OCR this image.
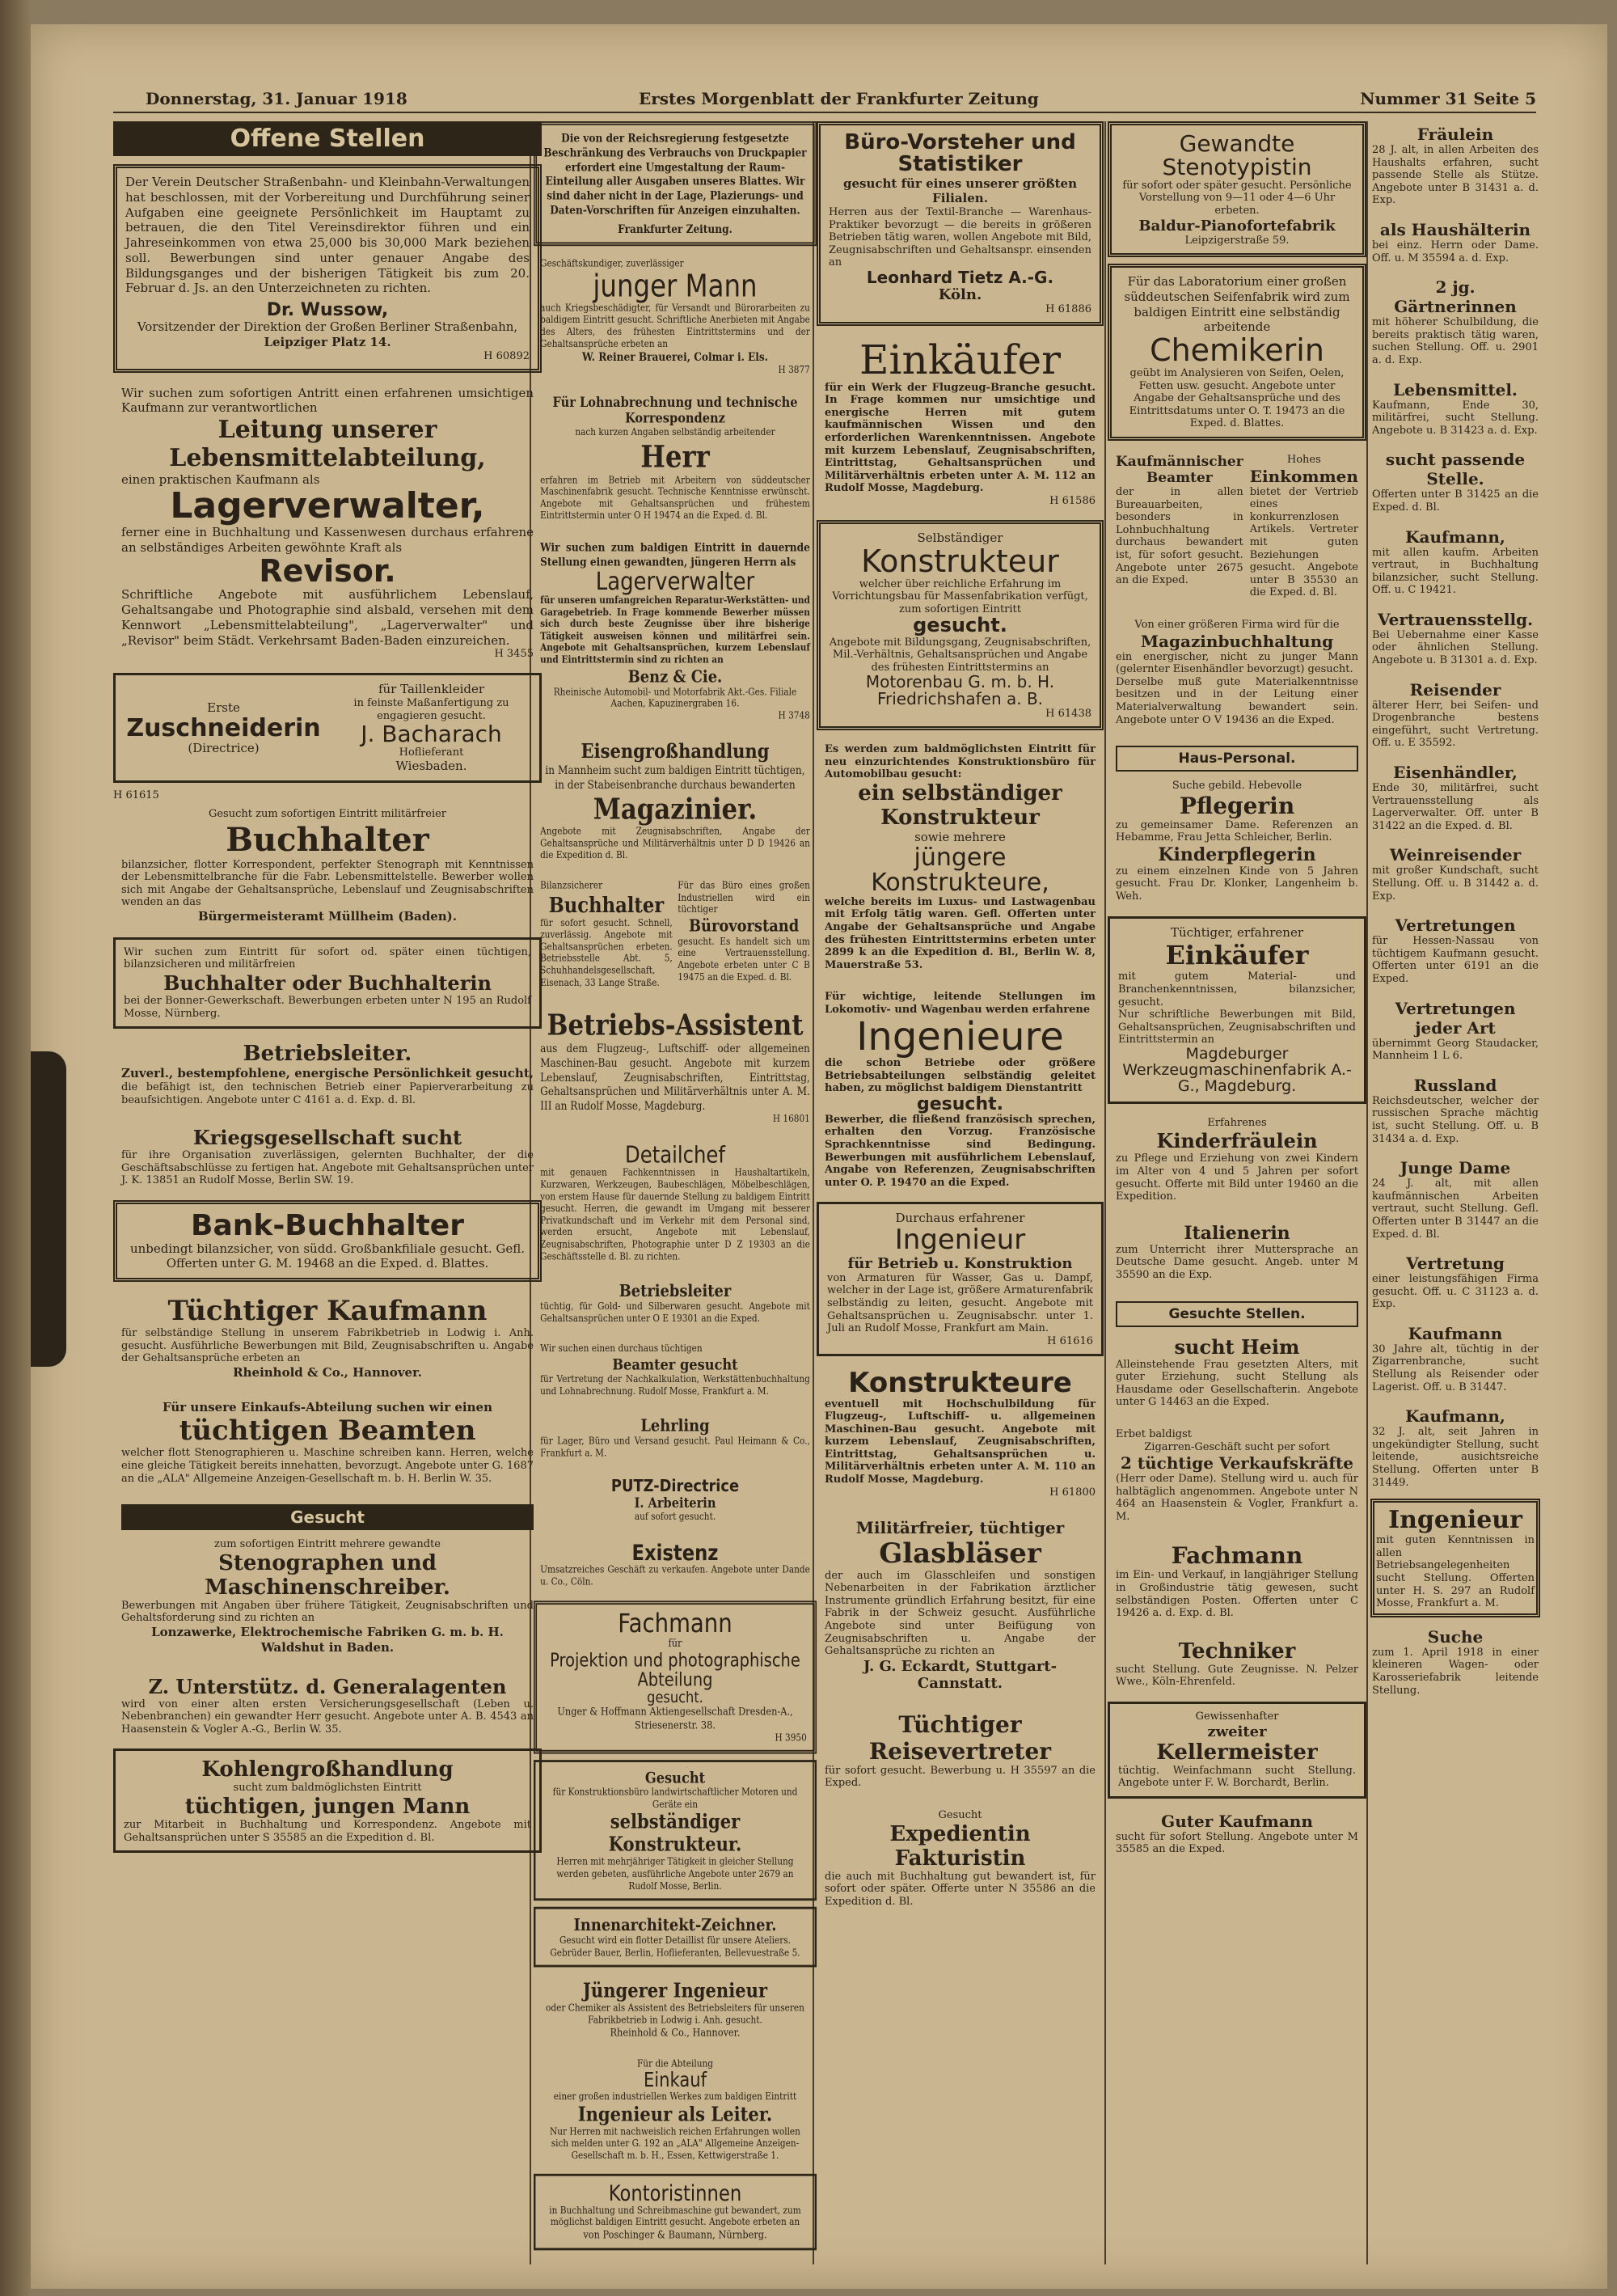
Donnerstag, 31. Januar 1918	Erstes Morgenblatt der Frankfurter Zeitung	Nummer 31 Seite 5
Offene Stellen
Der Verein Deutscher Straßenbahn- und Kleinbahn-Verwaltungen hat beschlossen, mit der Vorbereitung und Durchführung seiner Aufgaben eine geeignete Persönlichkeit im Hauptamt zu betrauen, die den Titel Vereinsdirektor führen und ein Jahreseinkommen von etwa 25,000 bis 30,000 Mark beziehen soll. Bewerbungen sind unter genauer Angabe des Bildungsganges und der bisherigen Tätigkeit bis zum 20. Februar d. Js. an den Unterzeichneten zu richten.
Dr. Wussow,
Vorsitzender der Direktion der Großen Berliner Straßenbahn,
Leipziger Platz 14.
H 60892
Wir suchen zum sofortigen Antritt einen erfahrenen umsichtigen Kaufmann zur verantwortlichen
Leitung unserer Lebensmittelabteilung,
einen praktischen Kaufmann als
Lagerverwalter,
ferner eine in Buchhaltung und Kassenwesen durchaus erfahrene an selbständiges Arbeiten gewöhnte Kraft als
Revisor.
Schriftliche Angebote mit ausführlichem Lebenslauf, Gehaltsangabe und Photographie sind alsbald, versehen mit dem Kennwort „Lebensmittelabteilung", „Lagerverwalter" und „Revisor" beim Städt. Verkehrsamt Baden-Baden einzureichen.
H 3455
Erste
Zuschneiderin
(Directrice)
für Taillenkleider
in feinste Maßanfertigung zu engagieren gesucht.
J. Bacharach
Hoflieferant
Wiesbaden.
H 61615
Gesucht zum sofortigen Eintritt militärfreier
Buchhalter
bilanzsicher, flotter Korrespondent, perfekter Stenograph mit Kenntnissen der Lebensmittelbranche für die Fabr. Lebensmittelstelle. Bewerber wollen sich mit Angabe der Gehaltsansprüche, Lebenslauf und Zeugnisabschriften wenden an das
Bürgermeisteramt Müllheim (Baden).
Wir suchen zum Eintritt für sofort od. später einen tüchtigen, bilanzsicheren und militärfreien
Buchhalter oder Buchhalterin
bei der Bonner-Gewerkschaft. Bewerbungen erbeten unter N 195 an Rudolf Mosse, Nürnberg.
Betriebsleiter.
Zuverl., bestempfohlene, energische Persönlichkeit gesucht,
die befähigt ist, den technischen Betrieb einer Papierverarbeitung zu beaufsichtigen. Angebote unter C 4161 a. d. Exp. d. Bl.
Kriegsgesellschaft sucht
für ihre Organisation zuverlässigen, gelernten Buchhalter, der die Geschäftsabschlüsse zu fertigen hat. Angebote mit Gehaltsansprüchen unter J. K. 13851 an Rudolf Mosse, Berlin SW. 19.
Bank-Buchhalter
unbedingt bilanzsicher, von südd. Großbankfiliale gesucht. Gefl. Offerten unter G. M. 19468 an die Exped. d. Blattes.
Tüchtiger Kaufmann
für selbständige Stellung in unserem Fabrikbetrieb in Lodwig i. Anh. gesucht. Ausführliche Bewerbungen mit Bild, Zeugnisabschriften u. Angabe der Gehaltsansprüche erbeten an
Rheinhold & Co., Hannover.
Für unsere Einkaufs-Abteilung suchen wir einen
tüchtigen Beamten
welcher flott Stenographieren u. Maschine schreiben kann. Herren, welche eine gleiche Tätigkeit bereits innehatten, bevorzugt. Angebote unter G. 1687 an die „ALA" Allgemeine Anzeigen-Gesellschaft m. b. H. Berlin W. 35.
Gesucht
zum sofortigen Eintritt mehrere gewandte
Stenographen und Maschinenschreiber.
Bewerbungen mit Angaben über frühere Tätigkeit, Zeugnisabschriften und Gehaltsforderung sind zu richten an
Lonzawerke, Elektrochemische Fabriken G. m. b. H. Waldshut in Baden.
Z. Unterstütz. d. Generalagenten
wird von einer alten ersten Versicherungsgesellschaft (Leben u. Nebenbranchen) ein gewandter Herr gesucht. Angebote unter A. B. 4543 an Haasenstein & Vogler A.-G., Berlin W. 35.
Kohlengroßhandlung
sucht zum baldmöglichsten Eintritt
tüchtigen, jungen Mann
zur Mitarbeit in Buchhaltung und Korrespondenz. Angebote mit Gehaltsansprüchen unter S 35585 an die Expedition d. Bl.
Die von der Reichsregierung festgesetzte Beschränkung des Verbrauchs von Druckpapier erfordert eine Umgestaltung der Raum-Einteilung aller Ausgaben unseres Blattes. Wir sind daher nicht in der Lage, Plazierungs- und Daten-Vorschriften für Anzeigen einzuhalten.
Frankfurter Zeitung.
Geschäftskundiger, zuverlässiger
junger Mann
auch Kriegsbeschädigter, für Versandt und Bürorarbeiten zu baldigem Eintritt gesucht. Schriftliche Anerbieten mit Angabe des Alters, des frühesten Eintrittstermins und der Gehaltsansprüche erbeten an
W. Reiner Brauerei, Colmar i. Els.
H 3877
Für Lohnabrechnung und technische Korrespondenz
nach kurzen Angaben selbständig arbeitender
Herr
erfahren im Betrieb mit Arbeitern von süddeutscher Maschinenfabrik gesucht. Technische Kenntnisse erwünscht. Angebote mit Gehaltsansprüchen und frühestem Eintrittstermin unter O H 19474 an die Exped. d. Bl.
Wir suchen zum baldigen Eintritt in dauernde Stellung einen gewandten, jüngeren Herrn als
Lagerverwalter
für unseren umfangreichen Reparatur-Werkstätten- und Garagebetrieb. In Frage kommende Bewerber müssen sich durch beste Zeugnisse über ihre bisherige Tätigkeit ausweisen können und militärfrei sein. Angebote mit Gehaltsansprüchen, kurzem Lebenslauf und Eintrittstermin sind zu richten an
Benz & Cie.
Rheinische Automobil- und Motorfabrik Akt.-Ges. Filiale Aachen, Kapuzinergraben 16.
H 3748
Eisengroßhandlung
in Mannheim sucht zum baldigen Eintritt tüchtigen, in der Stabeisenbranche durchaus bewanderten
Magazinier.
Angebote mit Zeugnisabschriften, Angabe der Gehaltsansprüche und Militärverhältnis unter D D 19426 an die Expedition d. Bl.
Bilanzsicherer
Buchhalter
für sofort gesucht. Schnell, zuverlässig. Angebote mit Gehaltsansprüchen erbeten. Betriebsstelle Abt. 5, Schuhhandelsgesellschaft, Eisenach, 33 Lange Straße.
Für das Büro eines großen Industriellen wird ein tüchtiger
Bürovorstand
gesucht. Es handelt sich um eine Vertrauensstellung. Angebote erbeten unter C B 19475 an die Exped. d. Bl.
Betriebs-Assistent
aus dem Flugzeug-, Luftschiff- oder allgemeinen Maschinen-Bau gesucht. Angebote mit kurzem Lebenslauf, Zeugnisabschriften, Eintrittstag, Gehaltsansprüchen und Militärverhältnis unter A. M. III an Rudolf Mosse, Magdeburg.
H 16801
Detailchef
mit genauen Fachkenntnissen in Haushaltartikeln, Kurzwaren, Werkzeugen, Baubeschlägen, Möbelbeschlägen, von erstem Hause für dauernde Stellung zu baldigem Eintritt gesucht. Herren, die gewandt im Umgang mit besserer Privatkundschaft und im Verkehr mit dem Personal sind, werden ersucht, Angebote mit Lebenslauf, Zeugnisabschriften, Photographie unter D Z 19303 an die Geschäftsstelle d. Bl. zu richten.
Betriebsleiter
tüchtig, für Gold- und Silberwaren gesucht. Angebote mit Gehaltsansprüchen unter O E 19301 an die Exped.
Wir suchen einen durchaus tüchtigen
Beamter gesucht
für Vertretung der Nachkalkulation, Werkstättenbuchhaltung und Lohnabrechnung. Rudolf Mosse, Frankfurt a. M.
Lehrling
für Lager, Büro und Versand gesucht. Paul Heimann & Co., Frankfurt a. M.
PUTZ-Directrice
I. Arbeiterin
auf sofort gesucht.
Existenz
Umsatzreiches Geschäft zu verkaufen. Angebote unter Dande u. Co., Cöln.
Fachmann
für
Projektion und photographische Abteilung
gesucht.
Unger & Hoffmann Aktiengesellschaft Dresden-A., Striesenerstr. 38.
H 3950
Gesucht
für Konstruktionsbüro landwirtschaftlicher Motoren und Geräte ein
selbständiger Konstrukteur.
Herren mit mehrjähriger Tätigkeit in gleicher Stellung werden gebeten, ausführliche Angebote unter 2679 an Rudolf Mosse, Berlin.
Innenarchitekt-Zeichner.
Gesucht wird ein flotter Detaillist für unsere Ateliers. Gebrüder Bauer, Berlin, Hoflieferanten, Bellevuestraße 5.
Jüngerer Ingenieur
oder Chemiker als Assistent des Betriebsleiters für unseren Fabrikbetrieb in Lodwig i. Anh. gesucht.
Rheinhold & Co., Hannover.
Für die Abteilung
Einkauf
einer großen industriellen Werkes zum baldigen Eintritt
Ingenieur als Leiter.
Nur Herren mit nachweislich reichen Erfahrungen wollen sich melden unter G. 192 an „ALA" Allgemeine Anzeigen-Gesellschaft m. b. H., Essen, Kettwigerstraße 1.
Kontoristinnen
in Buchhaltung und Schreibmaschine gut bewandert, zum möglichst baldigen Eintritt gesucht. Angebote erbeten an
von Poschinger & Baumann, Nürnberg.
Büro-Vorsteher und Statistiker
gesucht für eines unserer größten Filialen.
Herren aus der Textil-Branche — Warenhaus-Praktiker bevorzugt — die bereits in größeren Betrieben tätig waren, wollen Angebote mit Bild, Zeugnisabschriften und Gehaltsanspr. einsenden an
Leonhard Tietz A.-G.
Köln.
H 61886
Einkäufer
für ein Werk der Flugzeug-Branche gesucht. In Frage kommen nur umsichtige und energische Herren mit gutem kaufmännischen Wissen und den erforderlichen Warenkenntnissen. Angebote mit kurzem Lebenslauf, Zeugnisabschriften, Eintrittstag, Gehaltsansprüchen und Militärverhältnis erbeten unter A. M. 112 an Rudolf Mosse, Magdeburg.
H 61586
Selbständiger
Konstrukteur
welcher über reichliche Erfahrung im Vorrichtungsbau für Massenfabrikation verfügt, zum sofortigen Eintritt
gesucht.
Angebote mit Bildungsgang, Zeugnisabschriften, Mil.-Verhältnis, Gehaltsansprüchen und Angabe des frühesten Eintrittstermins an
Motorenbau G. m. b. H. Friedrichshafen a. B.
H 61438
Es werden zum baldmöglichsten Eintritt für neu einzurichtendes Konstruktionsbüro für Automobilbau gesucht:
ein selbständiger Konstrukteur
sowie mehrere
jüngere Konstrukteure,
welche bereits im Luxus- und Lastwagenbau mit Erfolg tätig waren. Gefl. Offerten unter Angabe der Gehaltsansprüche und Angabe des frühesten Eintrittstermins erbeten unter 2899 k an die Expedition d. Bl., Berlin W. 8, Mauerstraße 53.
Für wichtige, leitende Stellungen im Lokomotiv- und Wagenbau werden erfahrene
Ingenieure
die schon Betriebe oder größere Betriebsabteilungen selbständig geleitet haben, zu möglichst baldigem Dienstantritt
gesucht.
Bewerber, die fließend französisch sprechen, erhalten den Vorzug. Französische Sprachkenntnisse sind Bedingung. Bewerbungen mit ausführlichem Lebenslauf, Angabe von Referenzen, Zeugnisabschriften unter O. P. 19470 an die Exped.
Durchaus erfahrener
Ingenieur
für Betrieb u. Konstruktion
von Armaturen für Wasser, Gas u. Dampf, welcher in der Lage ist, größere Armaturenfabrik selbständig zu leiten, gesucht. Angebote mit Gehaltsansprüchen u. Zeugnisabschr. unter 1. Juli an Rudolf Mosse, Frankfurt am Main.
H 61616
Konstrukteure
eventuell mit Hochschulbildung für Flugzeug-, Luftschiff- u. allgemeinen Maschinen-Bau gesucht. Angebote mit kurzem Lebenslauf, Zeugnisabschriften, Eintrittstag, Gehaltsansprüchen u. Militärverhältnis erbeten unter A. M. 110 an Rudolf Mosse, Magdeburg.
H 61800
Militärfreier, tüchtiger
Glasbläser
der auch im Glasschleifen und sonstigen Nebenarbeiten in der Fabrikation ärztlicher Instrumente gründlich Erfahrung besitzt, für eine Fabrik in der Schweiz gesucht. Ausführliche Angebote sind unter Beifügung von Zeugnisabschriften u. Angabe der Gehaltsansprüche zu richten an
J. G. Eckardt, Stuttgart-Cannstatt.
Tüchtiger Reisevertreter
für sofort gesucht. Bewerbung u. H 35597 an die Exped.
Gesucht
Expedientin Fakturistin
die auch mit Buchhaltung gut bewandert ist, für sofort oder später. Offerte unter N 35586 an die Expedition d. Bl.
Gewandte Stenotypistin
für sofort oder später gesucht. Persönliche Vorstellung von 9—11 oder 4—6 Uhr erbeten.
Baldur-Pianofortefabrik
Leipzigerstraße 59.
Für das Laboratorium einer großen süddeutschen Seifenfabrik wird zum baldigen Eintritt eine selbständig arbeitende
Chemikerin
geübt im Analysieren von Seifen, Oelen, Fetten usw. gesucht. Angebote unter Angabe der Gehaltsansprüche und des Eintrittsdatums unter O. T. 19473 an die Exped. d. Blattes.
Kaufmännischer Beamter
der in allen Bureauarbeiten, besonders in Lohnbuchhaltung durchaus bewandert ist, für sofort gesucht. Angebote unter 2675 an die Exped.
Hohes
Einkommen
bietet der Vertrieb eines konkurrenzlosen Artikels. Vertreter mit guten Beziehungen gesucht. Angebote unter B 35530 an die Exped. d. Bl.
Von einer größeren Firma wird für die
Magazinbuchhaltung
ein energischer, nicht zu junger Mann (gelernter Eisenhändler bevorzugt) gesucht.
Derselbe muß gute Materialkenntnisse besitzen und in der Leitung einer Materialverwaltung bewandert sein. Angebote unter O V 19436 an die Exped.
Haus-Personal.
Suche gebild. Hebevolle
Pflegerin
zu gemeinsamer Dame. Referenzen an Hebamme, Frau Jetta Schleicher, Berlin.
Kinderpflegerin
zu einem einzelnen Kinde von 5 Jahren gesucht. Frau Dr. Klonker, Langenheim b. Weh.
Tüchtiger, erfahrener
Einkäufer
mit gutem Material- und Branchenkenntnissen, bilanzsicher, gesucht.
Nur schriftliche Bewerbungen mit Bild, Gehaltsansprüchen, Zeugnisabschriften und Eintrittstermin an
Magdeburger Werkzeugmaschinenfabrik A.-G., Magdeburg.
Erfahrenes
Kinderfräulein
zu Pflege und Erziehung von zwei Kindern im Alter von 4 und 5 Jahren per sofort gesucht. Offerte mit Bild unter 19460 an die Expedition.
Italienerin
zum Unterricht ihrer Muttersprache an Deutsche Dame gesucht. Angeb. unter M 35590 an die Exp.
Gesuchte Stellen.
sucht Heim
Alleinstehende Frau gesetzten Alters, mit guter Erziehung, sucht Stellung als Hausdame oder Gesellschafterin. Angebote unter G 14463 an die Exped.
Erbet baldigst
Zigarren-Geschäft sucht per sofort
2 tüchtige Verkaufskräfte
(Herr oder Dame). Stellung wird u. auch für halbtäglich angenommen. Angebote unter N 464 an Haasenstein & Vogler, Frankfurt a. M.
Fachmann
im Ein- und Verkauf, in langjähriger Stellung in Großindustrie tätig gewesen, sucht selbständigen Posten. Offerten unter C 19426 a. d. Exp. d. Bl.
Techniker
sucht Stellung. Gute Zeugnisse. N. Pelzer Wwe., Köln-Ehrenfeld.
Gewissenhafter
zweiter
Kellermeister
tüchtig. Weinfachmann sucht Stellung. Angebote unter F. W. Borchardt, Berlin.
Guter Kaufmann
sucht für sofort Stellung. Angebote unter M 35585 an die Exped.
Fräulein
28 J. alt, in allen Arbeiten des Haushalts erfahren, sucht passende Stelle als Stütze. Angebote unter B 31431 a. d. Exp.
als Haushälterin
bei einz. Herrn oder Dame. Off. u. M 35594 a. d. Exp.
2 jg. Gärtnerinnen
mit höherer Schulbildung, die bereits praktisch tätig waren, suchen Stellung. Off. u. 2901 a. d. Exp.
Lebensmittel.
Kaufmann, Ende 30, militärfrei, sucht Stellung. Angebote u. B 31423 a. d. Exp.
sucht passende Stelle.
Offerten unter B 31425 an die Exped. d. Bl.
Kaufmann,
mit allen kaufm. Arbeiten vertraut, in Buchhaltung bilanzsicher, sucht Stellung. Off. u. C 19421.
Vertrauensstellg.
Bei Uebernahme einer Kasse oder ähnlichen Stellung. Angebote u. B 31301 a. d. Exp.
Reisender
älterer Herr, bei Seifen- und Drogenbranche bestens eingeführt, sucht Vertretung. Off. u. E 35592.
Eisenhändler,
Ende 30, militärfrei, sucht Vertrauensstellung als Lagerverwalter. Off. unter B 31422 an die Exped. d. Bl.
Weinreisender
mit großer Kundschaft, sucht Stellung. Off. u. B 31442 a. d. Exp.
Vertretungen
für Hessen-Nassau von tüchtigem Kaufmann gesucht. Offerten unter 6191 an die Exped.
Vertretungen jeder Art
übernimmt Georg Staudacker, Mannheim 1 L 6.
Russland
Reichsdeutscher, welcher der russischen Sprache mächtig ist, sucht Stellung. Off. u. B 31434 a. d. Exp.
Junge Dame
24 J. alt, mit allen kaufmännischen Arbeiten vertraut, sucht Stellung. Gefl. Offerten unter B 31447 an die Exped. d. Bl.
Vertretung
einer leistungsfähigen Firma gesucht. Off. u. C 31123 a. d. Exp.
Kaufmann
30 Jahre alt, tüchtig in der Zigarrenbranche, sucht Stellung als Reisender oder Lagerist. Off. u. B 31447.
Kaufmann,
32 J. alt, seit Jahren in ungekündigter Stellung, sucht leitende, ausichtsreiche Stellung. Offerten unter B 31449.
Ingenieur
mit guten Kenntnissen in allen Betriebsangelegenheiten sucht Stellung. Offerten unter H. S. 297 an Rudolf Mosse, Frankfurt a. M.
Suche
zum 1. April 1918 in einer kleineren Wagen- oder Karosseriefabrik leitende Stellung.
